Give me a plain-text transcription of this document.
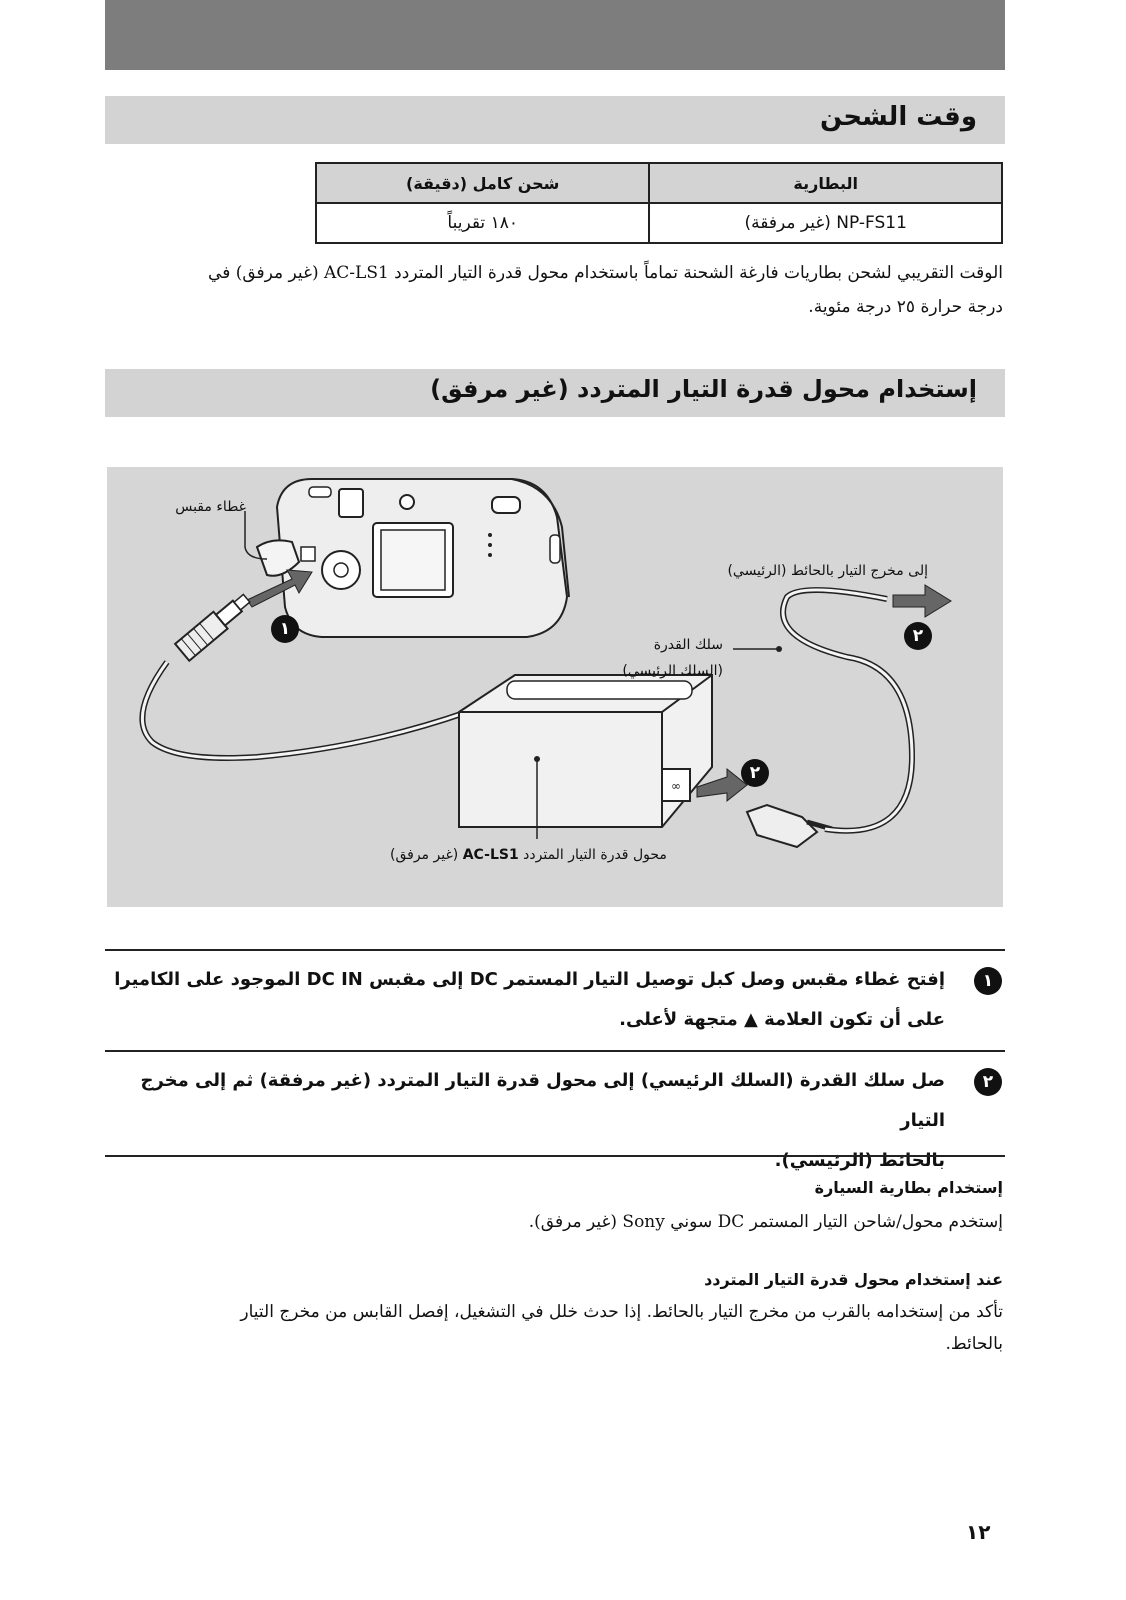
وقت الشحن
البطارية	شحن كامل (دقيقة)
NP-FS11 (غير مرفقة)	١٨٠ تقريباً
الوقت التقريبي لشحن بطاريات فارغة الشحنة تماماً باستخدام محول قدرة التيار المتردد AC-LS1 (غير مرفق) في
درجة حرارة ٢٥ درجة مئوية.
إستخدام محول قدرة التيار المتردد (غير مرفق)
∞
غطاء مقبس
إلى مخرج التيار بالحائط (الرئيسي)
سلك القدرة
(السلك الرئيسي)
محول قدرة التيار المتردد AC-LS1 (غير مرفق)
١	٢
٢
١
إفتح غطاء مقبس وصل كبل توصيل التيار المستمر DC إلى مقبس DC IN الموجود على الكاميرا
على أن تكون العلامة ▲ متجهة لأعلى.
٢
صل سلك القدرة (السلك الرئيسي) إلى محول قدرة التيار المتردد (غير مرفقة) ثم إلى مخرج التيار
بالحائط (الرئيسي).
إستخدام بطارية السيارة
إستخدم محول/شاحن التيار المستمر DC سوني Sony (غير مرفق).
عند إستخدام محول قدرة التيار المتردد
تأكد من إستخدامه بالقرب من مخرج التيار بالحائط. إذا حدث خلل في التشغيل، إفصل القابس من مخرج التيار
بالحائط.
١٢
